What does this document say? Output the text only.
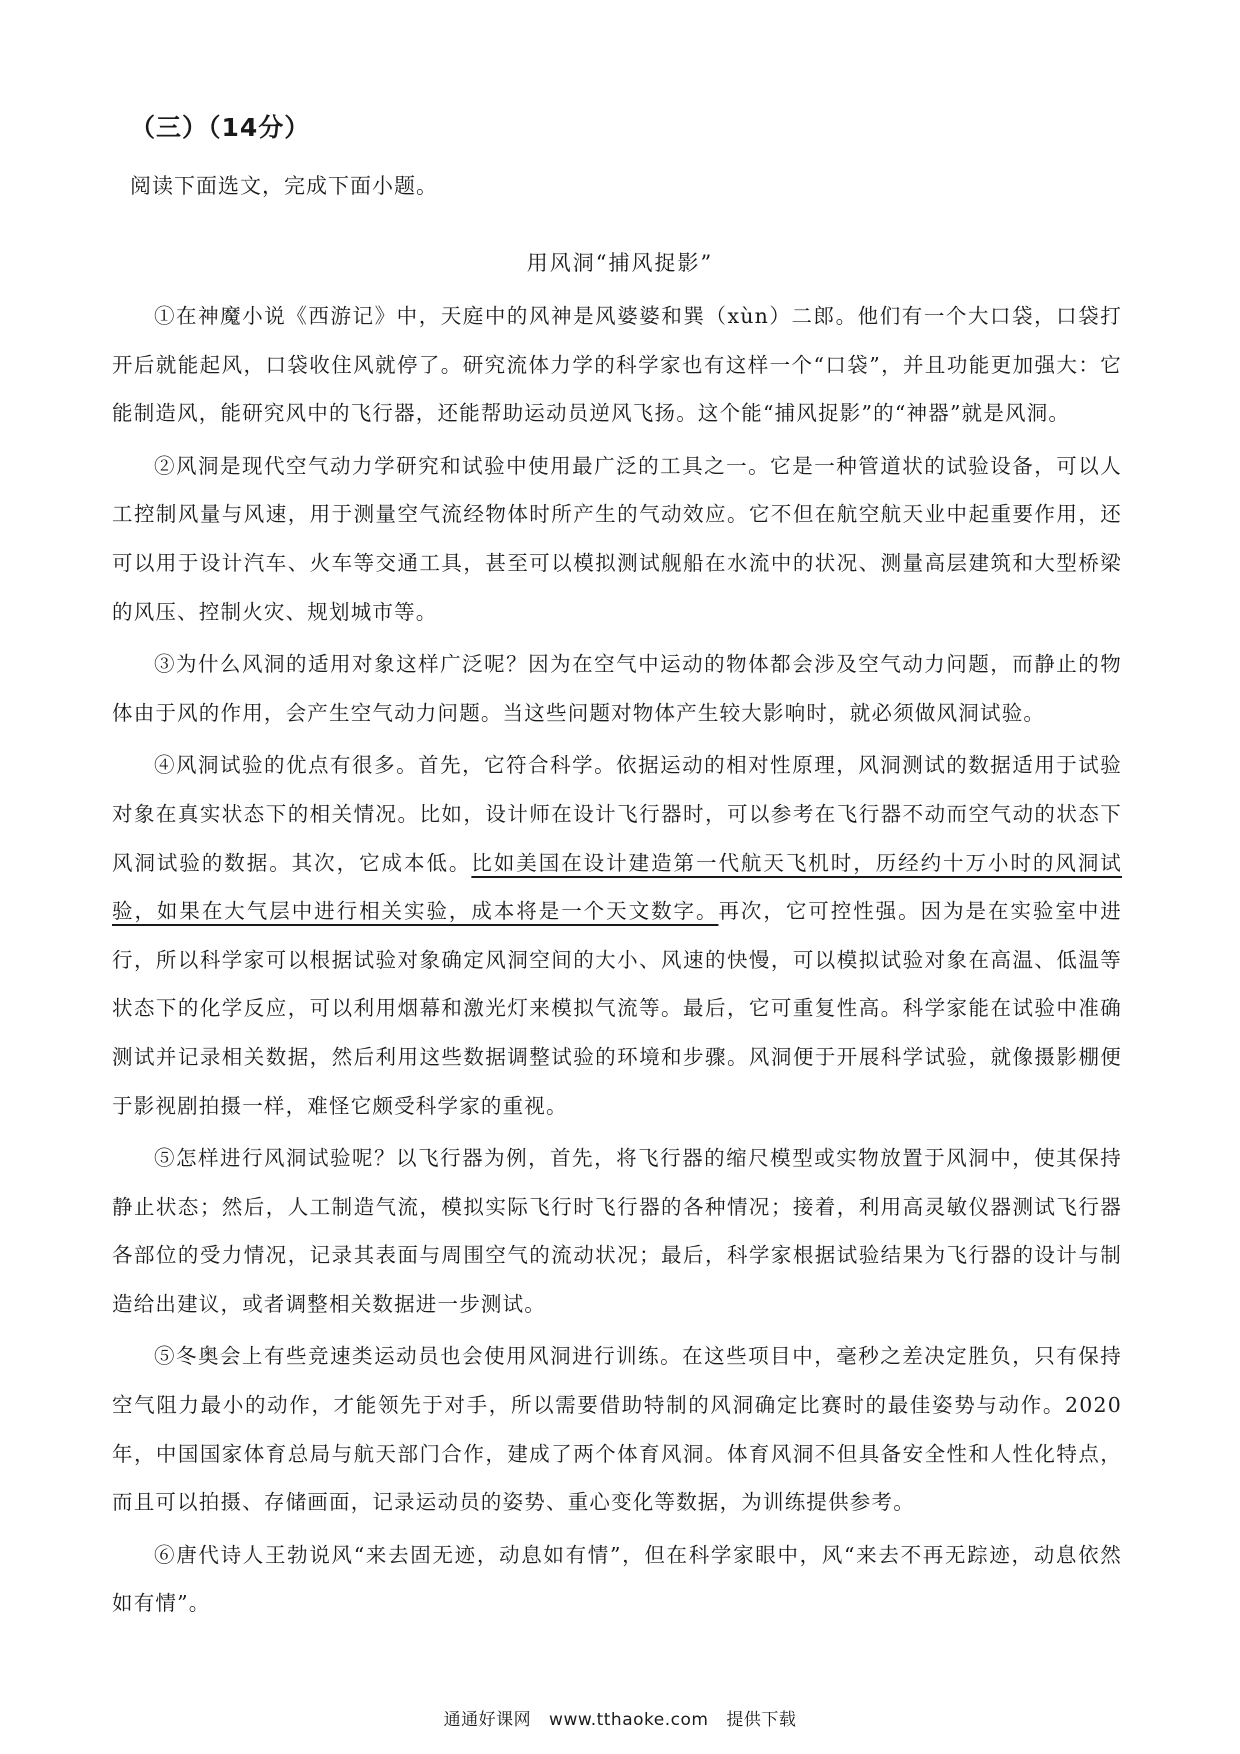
（三）（14分）
阅读下面选文，完成下面小题。
用风洞“捕风捉影”

①在神魔小说《西游记》中，天庭中的风神是风婆婆和巽（xùn）二郎。他们有一个大口袋，口袋打开后就能起风，口袋收住风就停了。研究流体力学的科学家也有这样一个“口袋”，并且功能更加强大：它能制造风，能研究风中的飞行器，还能帮助运动员逆风飞扬。这个能“捕风捉影”的“神器”就是风洞。

②风洞是现代空气动力学研究和试验中使用最广泛的工具之一。它是一种管道状的试验设备，可以人工控制风量与风速，用于测量空气流经物体时所产生的气动效应。它不但在航空航天业中起重要作用，还可以用于设计汽车、火车等交通工具，甚至可以模拟测试舰船在水流中的状况、测量高层建筑和大型桥梁的风压、控制火灾、规划城市等。

③为什么风洞的适用对象这样广泛呢？因为在空气中运动的物体都会涉及空气动力问题，而静止的物体由于风的作用，会产生空气动力问题。当这些问题对物体产生较大影响时，就必须做风洞试验。

④风洞试验的优点有很多。首先，它符合科学。依据运动的相对性原理，风洞测试的数据适用于试验对象在真实状态下的相关情况。比如，设计师在设计飞行器时，可以参考在飞行器不动而空气动的状态下风洞试验的数据。其次，它成本低。比如美国在设计建造第一代航天飞机时，历经约十万小时的风洞试验，如果在大气层中进行相关实验，成本将是一个天文数字。再次，它可控性强。因为是在实验室中进行，所以科学家可以根据试验对象确定风洞空间的大小、风速的快慢，可以模拟试验对象在高温、低温等状态下的化学反应，可以利用烟幕和激光灯来模拟气流等。最后，它可重复性高。科学家能在试验中准确测试并记录相关数据，然后利用这些数据调整试验的环境和步骤。风洞便于开展科学试验，就像摄影棚便于影视剧拍摄一样，难怪它颇受科学家的重视。

⑤怎样进行风洞试验呢？以飞行器为例，首先，将飞行器的缩尺模型或实物放置于风洞中，使其保持静止状态；然后，人工制造气流，模拟实际飞行时飞行器的各种情况；接着，利用高灵敏仪器测试飞行器各部位的受力情况，记录其表面与周围空气的流动状况；最后，科学家根据试验结果为飞行器的设计与制造给出建议，或者调整相关数据进一步测试。

⑤冬奥会上有些竞速类运动员也会使用风洞进行训练。在这些项目中，毫秒之差决定胜负，只有保持空气阻力最小的动作，才能领先于对手，所以需要借助特制的风洞确定比赛时的最佳姿势与动作。2020年，中国国家体育总局与航天部门合作，建成了两个体育风洞。体育风洞不但具备安全性和人性化特点，而且可以拍摄、存储画面，记录运动员的姿势、重心变化等数据，为训练提供参考。

⑥唐代诗人王勃说风“来去固无迹，动息如有情”，但在科学家眼中，风“来去不再无踪迹，动息依然如有情”。

通通好课网 www.tthaoke.com 提供下载
